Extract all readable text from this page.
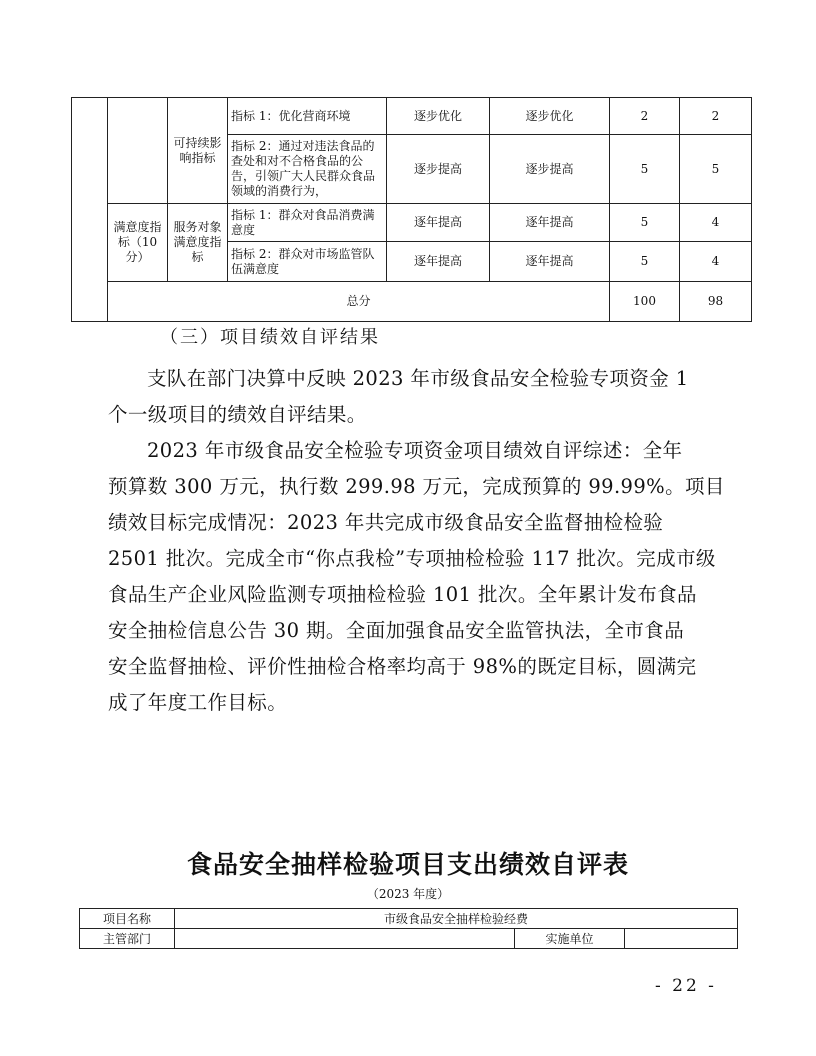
		可持续影响指标	指标 1：优化营商环境	逐步优化	逐步优化	2	2
			指标 2：通过对违法食品的查处和对不合格食品的公告，引领广大人民群众食品领域的消费行为，	逐步提高	逐步提高	5	5
	满意度指标（10分）	服务对象满意度指标	指标 1：群众对食品消费满意度	逐年提高	逐年提高	5	4
			指标 2：群众对市场监管队伍满意度	逐年提高	逐年提高	5	4
	总分					100	98

（三）项目绩效自评结果

支队在部门决算中反映 2023 年市级食品安全检验专项资金 1
个一级项目的绩效自评结果。

2023 年市级食品安全检验专项资金项目绩效自评综述：全年
预算数 300 万元，执行数 299.98 万元，完成预算的 99.99%。项目
绩效目标完成情况：2023 年共完成市级食品安全监督抽检检验
2501 批次。完成全市“你点我检”专项抽检检验 117 批次。完成市级
食品生产企业风险监测专项抽检检验 101 批次。全年累计发布食品
安全抽检信息公告 30 期。全面加强食品安全监管执法，全市食品
安全监督抽检、评价性抽检合格率均高于 98%的既定目标，圆满完
成了年度工作目标。

食品安全抽样检验项目支出绩效自评表
（2023 年度）
项目名称	市级食品安全抽样检验经费		
主管部门		实施单位	
- 22 -
